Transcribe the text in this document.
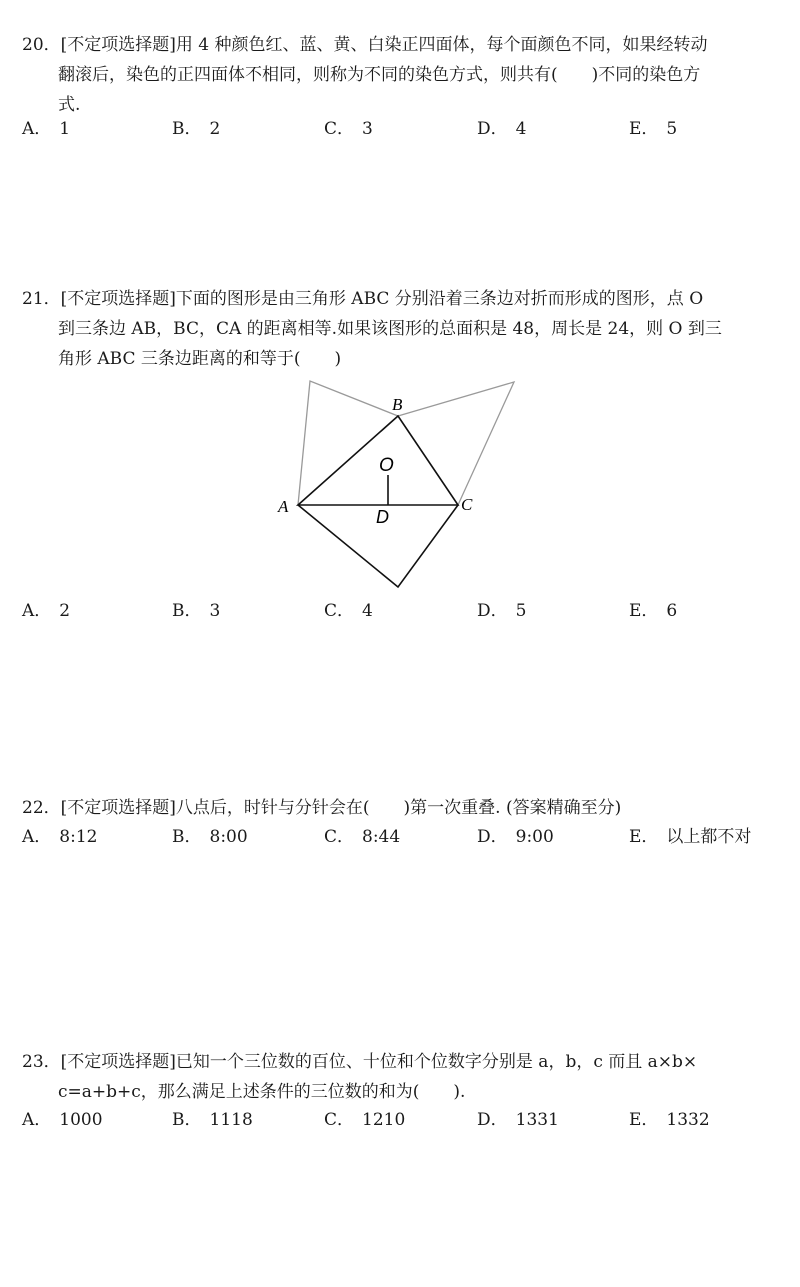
20．[不定项选择题]用 4 种颜色红、蓝、黄、白染正四面体，每个面颜色不同，如果经转动
翻滚后，染色的正四面体不相同，则称为不同的染色方式，则共有(　　)不同的染色方
式.
A． 1	B． 2	C． 3	D． 4	E． 5
21．[不定项选择题]下面的图形是由三角形 ABC 分别沿着三条边对折而形成的图形，点 O
到三条边 AB，BC，CA 的距离相等.如果该图形的总面积是 48，周长是 24，则 O 到三
角形 ABC 三条边距离的和等于(　　)
B
A	C
O
D
A． 2	B． 3	C． 4	D． 5	E． 6
22．[不定项选择题]八点后，时针与分针会在(　　)第一次重叠. (答案精确至分)
A． 8:12	B． 8:00	C． 8:44	D． 9:00	E． 以上都不对
23．[不定项选择题]已知一个三位数的百位、十位和个位数字分别是 a，b，c 而且 a×b×
c=a+b+c，那么满足上述条件的三位数的和为(　　).
A． 1000	B． 1118	C． 1210	D． 1331	E． 1332
